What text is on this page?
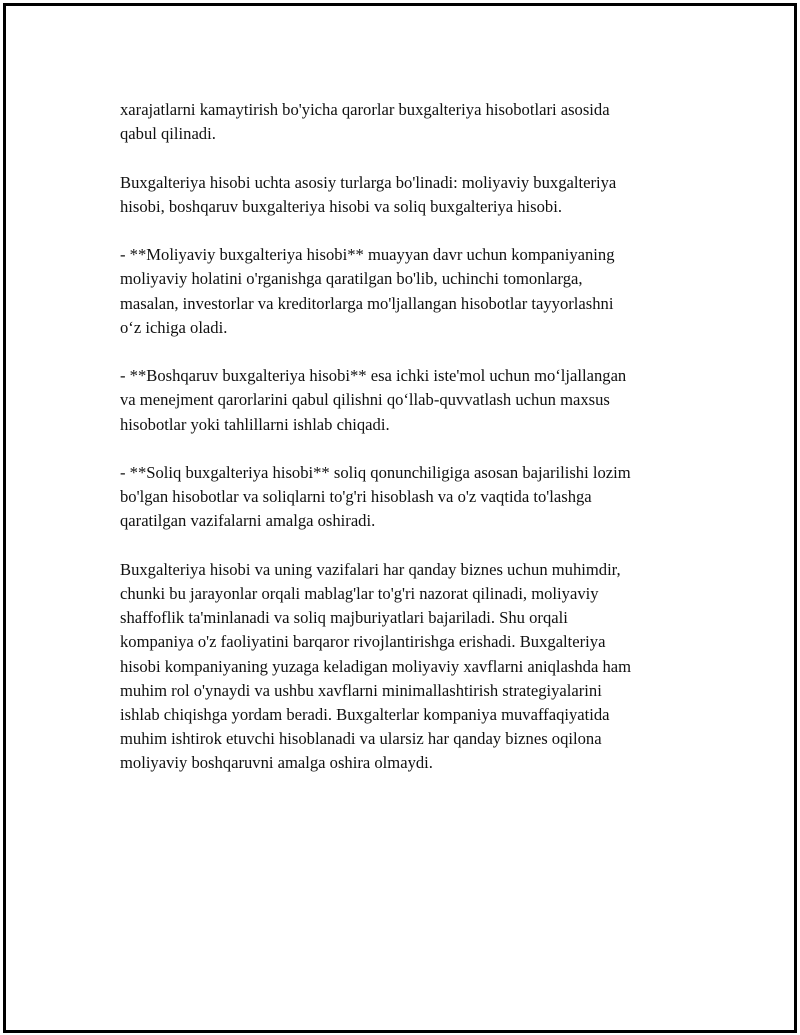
xarajatlarni kamaytirish bo'yicha qarorlar buxgalteriya hisobotlari asosida
qabul qilinadi.

Buxgalteriya hisobi uchta asosiy turlarga bo'linadi: moliyaviy buxgalteriya
hisobi, boshqaruv buxgalteriya hisobi va soliq buxgalteriya hisobi.

- **Moliyaviy buxgalteriya hisobi** muayyan davr uchun kompaniyaning
moliyaviy holatini o'rganishga qaratilgan bo'lib, uchinchi tomonlarga,
masalan, investorlar va kreditorlarga mo'ljallangan hisobotlar tayyorlashni
o‘z ichiga oladi.

- **Boshqaruv buxgalteriya hisobi** esa ichki iste'mol uchun mo‘ljallangan
va menejment qarorlarini qabul qilishni qo‘llab-quvvatlash uchun maxsus
hisobotlar yoki tahlillarni ishlab chiqadi.

- **Soliq buxgalteriya hisobi** soliq qonunchiligiga asosan bajarilishi lozim
bo'lgan hisobotlar va soliqlarni to'g'ri hisoblash va o'z vaqtida to'lashga
qaratilgan vazifalarni amalga oshiradi.

Buxgalteriya hisobi va uning vazifalari har qanday biznes uchun muhimdir,
chunki bu jarayonlar orqali mablag'lar to'g'ri nazorat qilinadi, moliyaviy
shaffoflik ta'minlanadi va soliq majburiyatlari bajariladi. Shu orqali
kompaniya o'z faoliyatini barqaror rivojlantirishga erishadi. Buxgalteriya
hisobi kompaniyaning yuzaga keladigan moliyaviy xavflarni aniqlashda ham
muhim rol o'ynaydi va ushbu xavflarni minimallashtirish strategiyalarini
ishlab chiqishga yordam beradi. Buxgalterlar kompaniya muvaffaqiyatida
muhim ishtirok etuvchi hisoblanadi va ularsiz har qanday biznes oqilona
moliyaviy boshqaruvni amalga oshira olmaydi.
